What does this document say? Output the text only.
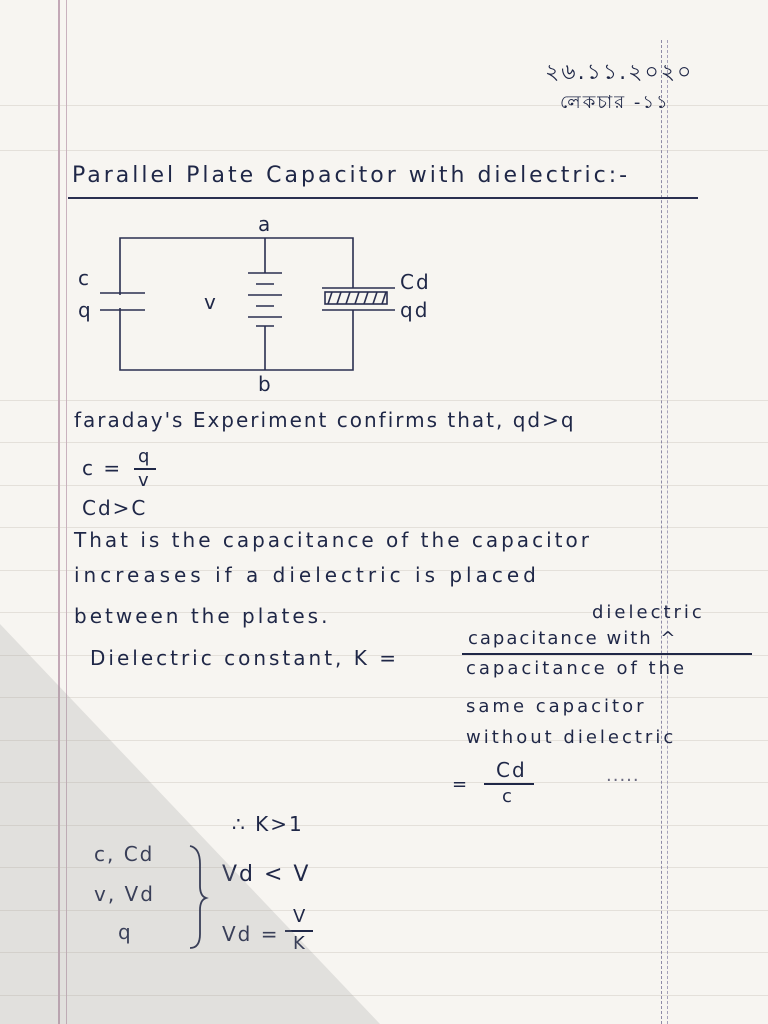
২৬.১১.২০২০
লেকচার -১১
Parallel Plate Capacitor with dielectric:-
a
b
c
q	v
Cd
qd
faraday's Experiment confirms that, qd>q
c = q
v
Cd>C
That is the capacitance of the capacitor
increases if a dielectric is placed
between the plates.	dielectric
Dielectric constant, K =
capacitance with ^
capacitance of the
same capacitor
without dielectric
=
Cd
c
.....
∴ K>1
c, Cd
v, Vd
q
Vd < V
Vd =
V
K
